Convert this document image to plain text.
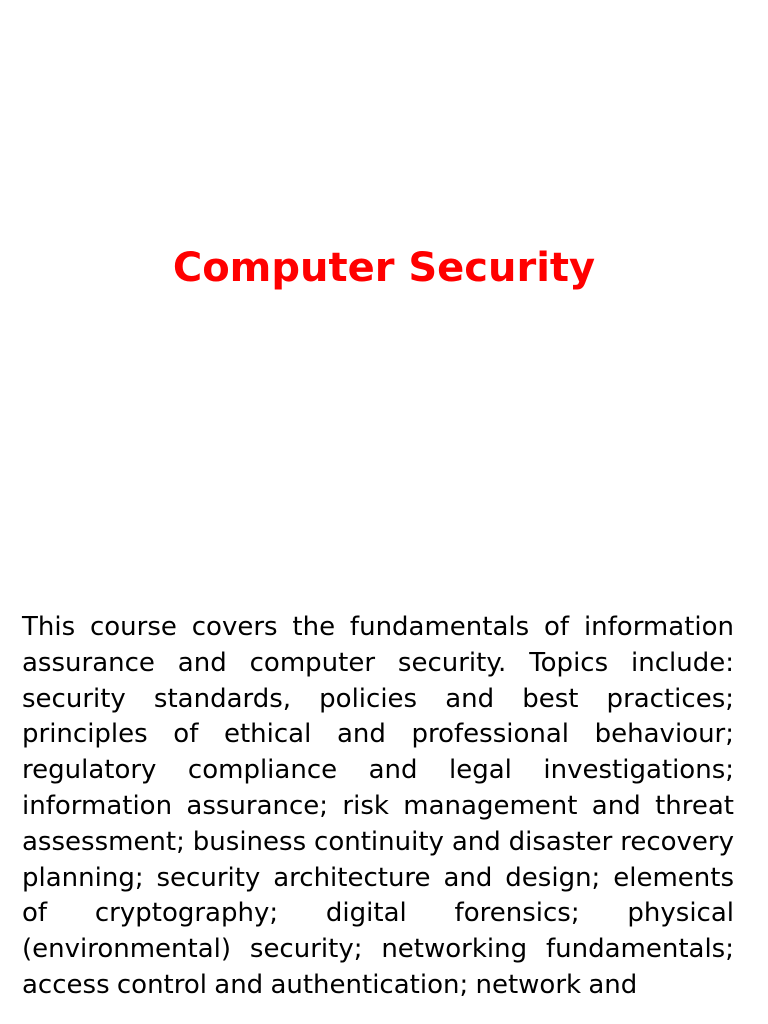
Computer Security

This course covers the fundamentals of information assurance and computer security. Topics include: security standards, policies and best practices; principles of ethical and professional behaviour; regulatory compliance and legal investigations; information assurance; risk management and threat assessment; business continuity and disaster recovery planning; security architecture and design; elements of cryptography; digital forensics; physical (environmental) security; networking fundamentals; access control and authentication; network and
